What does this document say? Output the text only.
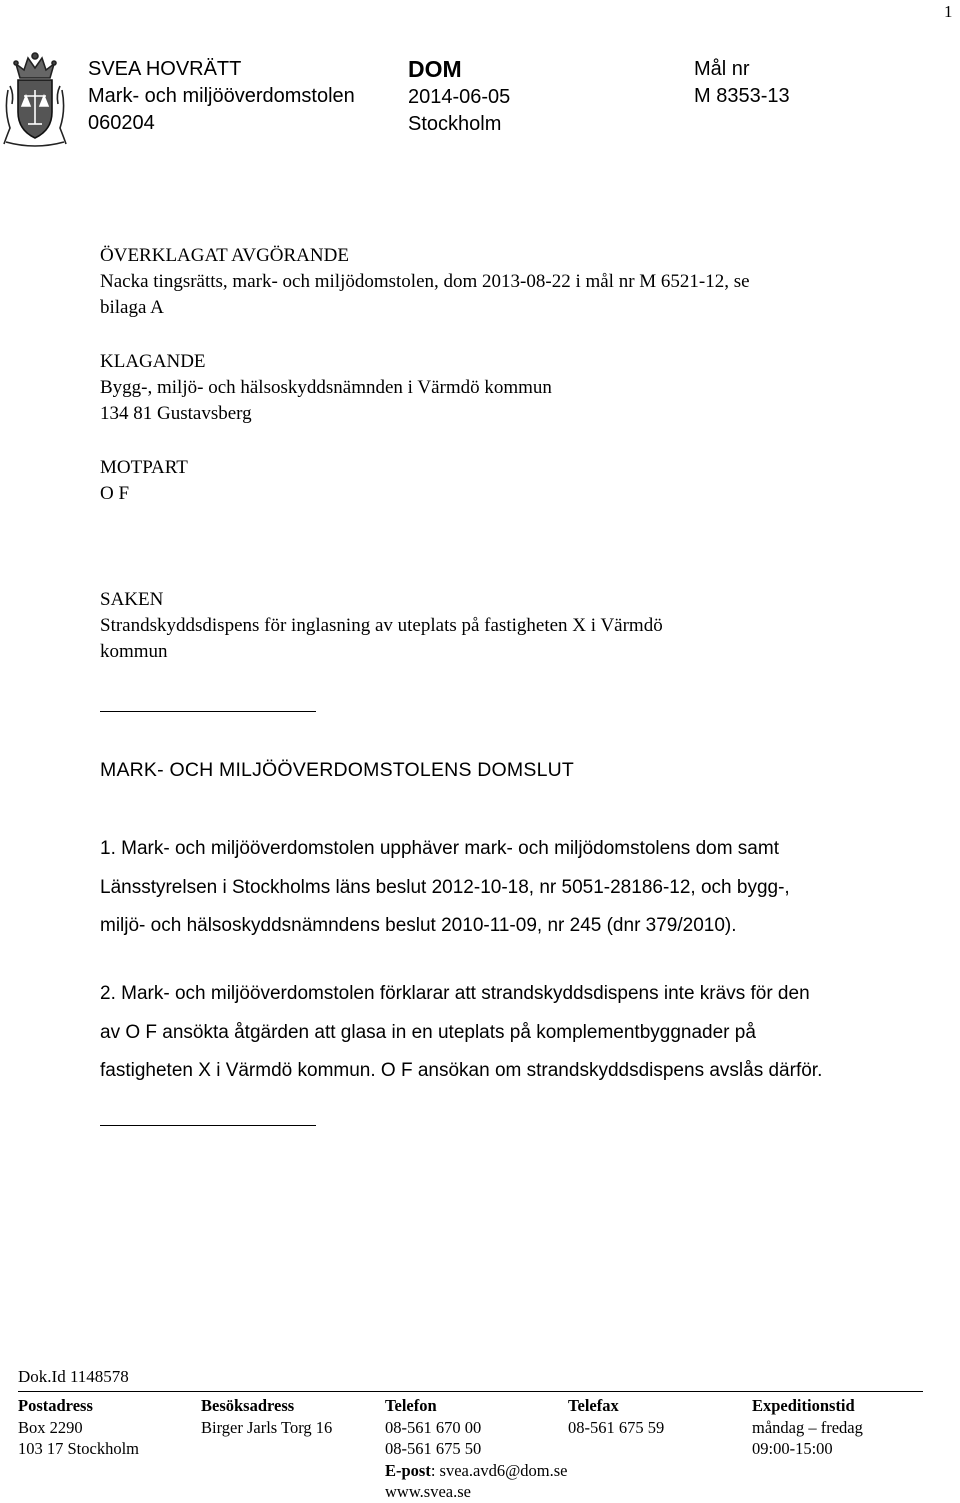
1
SVEA HOVRÄTT
Mark- och miljööverdomstolen
060204
DOM
2014-06-05
Stockholm
Mål nr
M 8353-13
ÖVERKLAGAT AVGÖRANDE
Nacka tingsrätts, mark- och miljödomstolen, dom 2013-08-22 i mål nr M 6521-12, se
bilaga A
KLAGANDE
Bygg-, miljö- och hälsoskyddsnämnden i Värmdö kommun
134 81 Gustavsberg
MOTPART
O F
SAKEN
Strandskyddsdispens för inglasning av uteplats på fastigheten X i Värmdö
kommun
MARK- OCH MILJÖÖVERDOMSTOLENS DOMSLUT

1. Mark- och miljööverdomstolen upphäver mark- och miljödomstolens dom samt

Länsstyrelsen i Stockholms läns beslut 2012-10-18, nr 5051-28186-12, och bygg-,

miljö- och hälsoskyddsnämndens beslut 2010-11-09, nr 245 (dnr 379/2010).

2. Mark- och miljööverdomstolen förklarar att strandskyddsdispens inte krävs för den

av O F ansökta åtgärden att glasa in en uteplats på komplementbyggnader på

fastigheten X i Värmdö kommun. O F ansökan om strandskyddsdispens avslås därför.

Dok.Id 1148578
Postadress
Box 2290
103 17 Stockholm
Besöksadress
Birger Jarls Torg 16
Telefon
08-561 670 00
08-561 675 50
E-post: svea.avd6@dom.se
www.svea.se
Telefax
08-561 675 59
Expeditionstid
måndag – fredag
09:00-15:00
